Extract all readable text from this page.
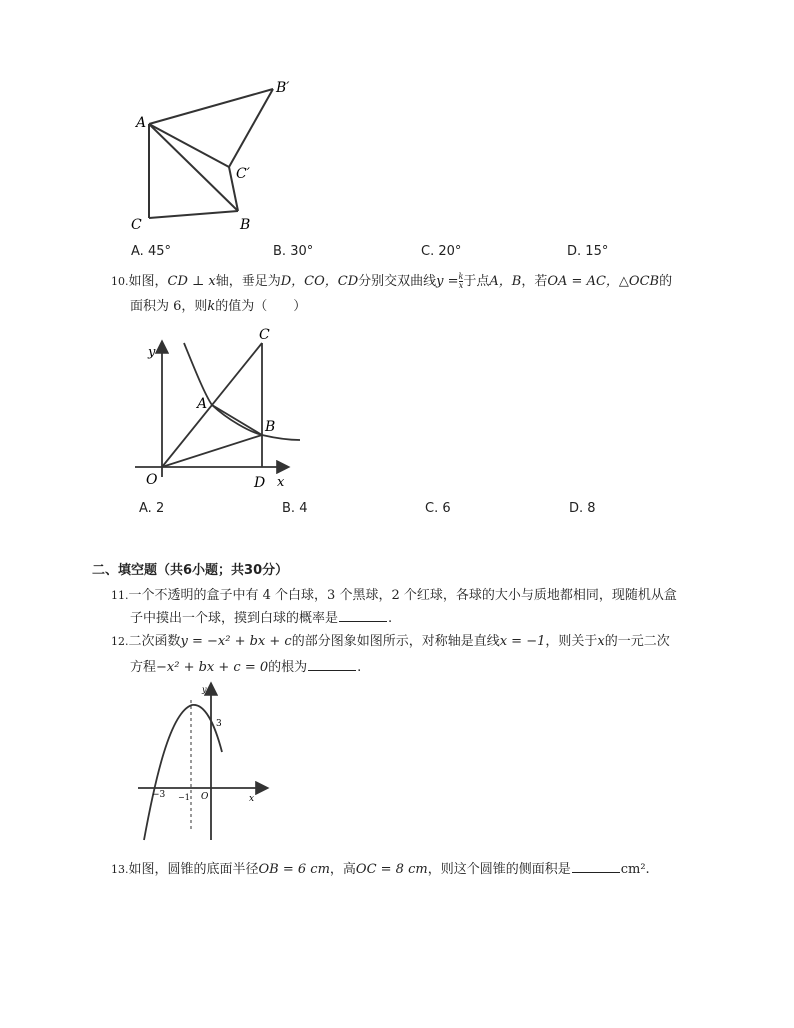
A
C	B
B′
C′
A. 45°	B. 30°	C. 20°	D. 15°
10.如图，CD ⊥ x轴，垂足为D，CO，CD分别交双曲线$y = \frac{k}{x}$ 于点A，B，若OA = AC，△OCB的
面积为 6，则k的值为（　　）
y
x
O	D
C
A
B
A. 2	B. 4	C. 6	D. 8
二、填空题（共6小题；共30分）
11.一个不透明的盒子中有 4 个白球，3 个黑球，2 个红球，各球的大小与质地都相同，现随机从盒
子中摸出一个球，摸到白球的概率是	.
12.二次函数y = −x² + bx + c的部分图象如图所示，对称轴是直线x = −1，则关于x的一元二次
方程−x² + bx + c = 0的根为	.
y
x
O
3
−3 −1
13.如图，圆锥的底面半径OB = 6 cm，高OC = 8 cm，则这个圆锥的侧面积是	cm².
